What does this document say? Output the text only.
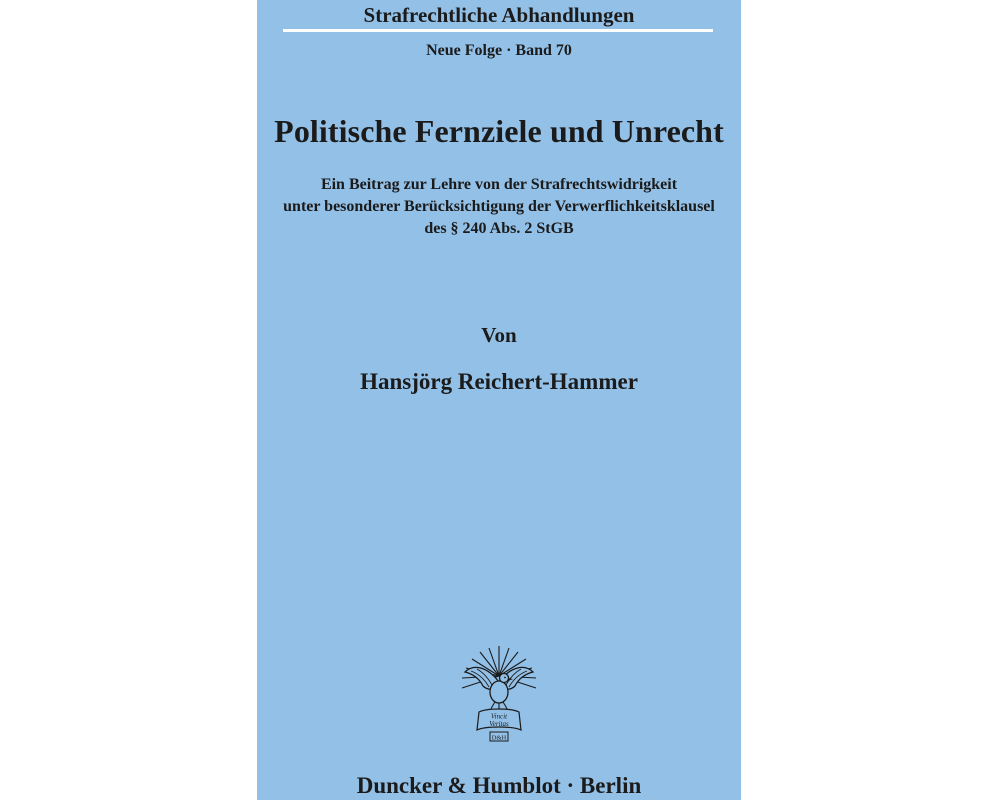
Strafrechtliche Abhandlungen
Neue Folge · Band 70
Politische Fernziele und Unrecht
Ein Beitrag zur Lehre von der Strafrechtswidrigkeit
unter besonderer Berücksichtigung der Verwerflichkeitsklausel
des § 240 Abs. 2 StGB
Von
Hansjörg Reichert-Hammer
Vincit
Veritas
D&H
Duncker & Humblot · Berlin
